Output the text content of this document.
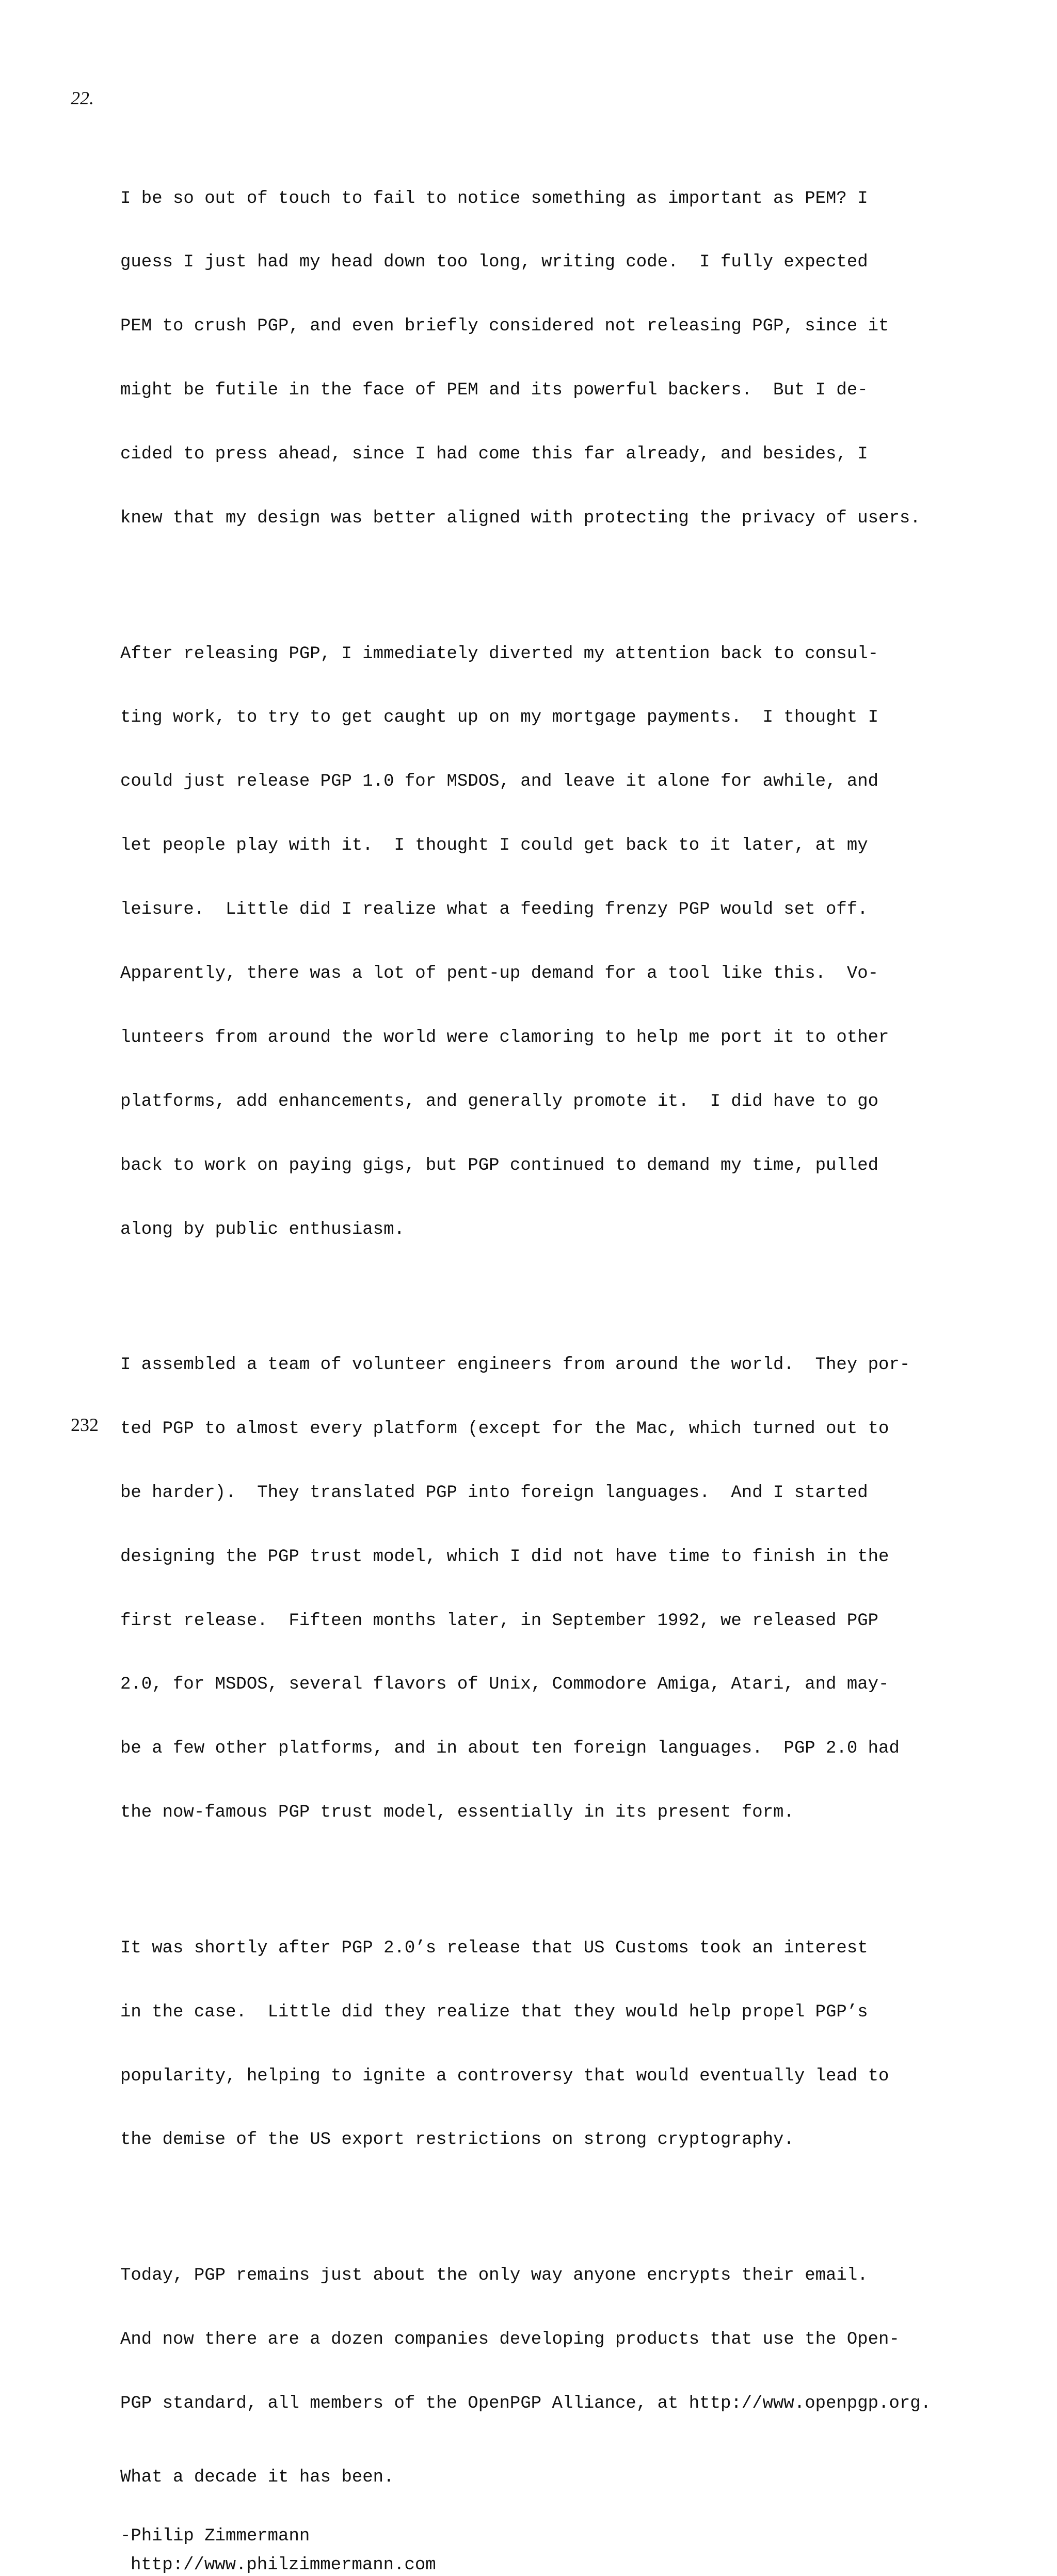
22.

I be so out of touch to fail to notice something as important as PEM? I

guess I just had my head down too long, writing code.  I fully expected

PEM to crush PGP, and even briefly considered not releasing PGP, since it

might be futile in the face of PEM and its powerful backers.  But I de-

cided to press ahead, since I had come this far already, and besides, I

knew that my design was better aligned with protecting the privacy of users.

After releasing PGP, I immediately diverted my attention back to consul-

ting work, to try to get caught up on my mortgage payments.  I thought I

could just release PGP 1.0 for MSDOS, and leave it alone for awhile, and

let people play with it.  I thought I could get back to it later, at my

leisure.  Little did I realize what a feeding frenzy PGP would set off.

Apparently, there was a lot of pent-up demand for a tool like this.  Vo-

lunteers from around the world were clamoring to help me port it to other

platforms, add enhancements, and generally promote it.  I did have to go

back to work on paying gigs, but PGP continued to demand my time, pulled

along by public enthusiasm.

I assembled a team of volunteer engineers from around the world.  They por-

ted PGP to almost every platform (except for the Mac, which turned out to

be harder).  They translated PGP into foreign languages.  And I started

designing the PGP trust model, which I did not have time to finish in the

first release.  Fifteen months later, in September 1992, we released PGP

2.0, for MSDOS, several flavors of Unix, Commodore Amiga, Atari, and may-

be a few other platforms, and in about ten foreign languages.  PGP 2.0 had

the now-famous PGP trust model, essentially in its present form.

It was shortly after PGP 2.0’s release that US Customs took an interest

in the case.  Little did they realize that they would help propel PGP’s

popularity, helping to ignite a controversy that would eventually lead to

the demise of the US export restrictions on strong cryptography.

Today, PGP remains just about the only way anyone encrypts their email.

And now there are a dozen companies developing products that use the Open-

PGP standard, all members of the OpenPGP Alliance, at http://www.openpgp.org.

What a decade it has been.

-Philip Zimmermann

http://www.philzimmermann.com

232
